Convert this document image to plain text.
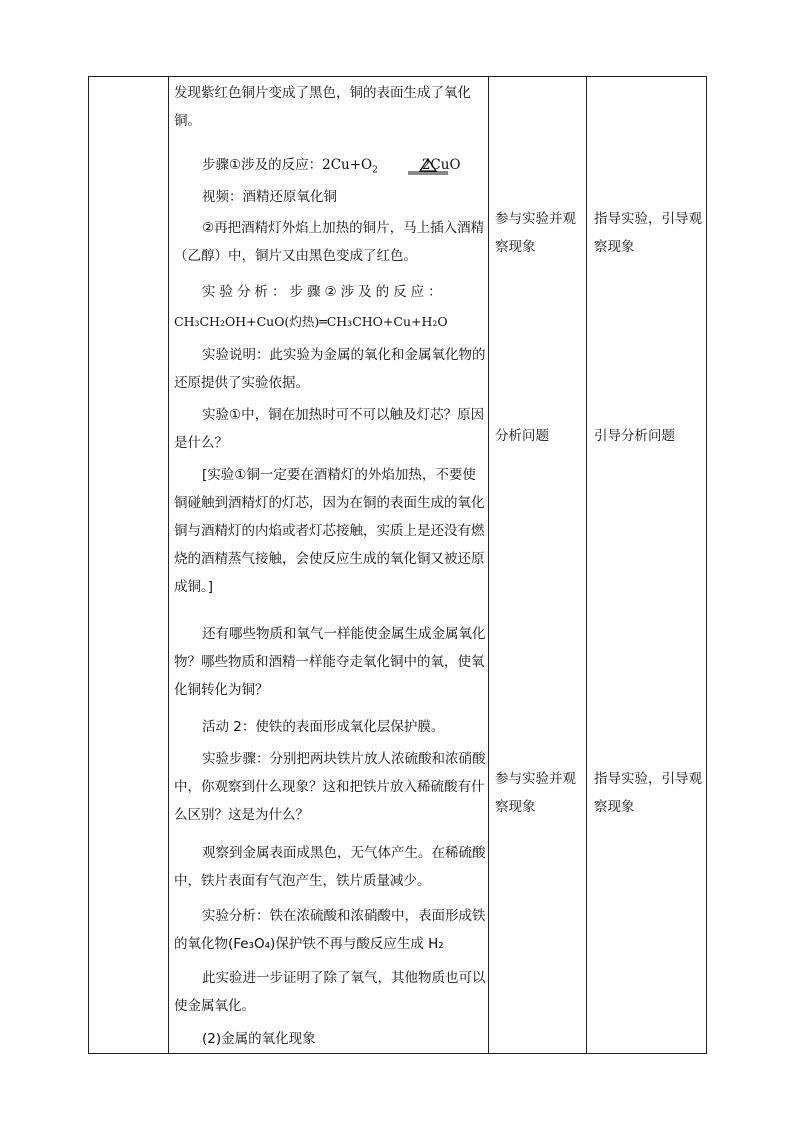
发现紫红色铜片变成了黑色，铜的表面生成了氧化铜。
步骤①涉及的反应：$2Cu+O_2$	2CuO
视频：酒精还原氧化铜
②再把酒精灯外焰上加热的铜片，马上插入酒精（乙醇）中，铜片又由黑色变成了红色。
实验分析：步骤②涉及的反应：
CH₃CH₂OH+CuO(灼热)═CH₃CHO+Cu+H₂O
实验说明：此实验为金属的氧化和金属氧化物的还原提供了实验依据。
实验①中，铜在加热时可不可以触及灯芯？原因是什么？
[实验①铜一定要在酒精灯的外焰加热，不要使铜碰触到酒精灯的灯芯，因为在铜的表面生成的氧化铜与酒精灯的内焰或者灯芯接触，实质上是还没有燃烧的酒精蒸气接触，会使反应生成的氧化铜又被还原成铜。]
还有哪些物质和氧气一样能使金属生成金属氧化物？哪些物质和酒精一样能夺走氧化铜中的氧，使氧化铜转化为铜？
活动 2：使铁的表面形成氧化层保护膜。
实验步骤：分别把两块铁片放人浓硫酸和浓硝酸中，你观察到什么现象？这和把铁片放入稀硫酸有什么区别？这是为什么？
观察到金属表面成黑色，无气体产生。在稀硫酸中，铁片表面有气泡产生，铁片质量减少。
实验分析：铁在浓硫酸和浓硝酸中，表面形成铁的氧化物(Fe₃O₄)保护铁不再与酸反应生成 H₂
此实验进一步证明了除了氧气，其他物质也可以使金属氧化。
(2)金属的氧化现象
参与实验并观察现象
分析问题
参与实验并观察现象
指导实验，引导观察现象
引导分析问题
指导实验，引导观察现象
